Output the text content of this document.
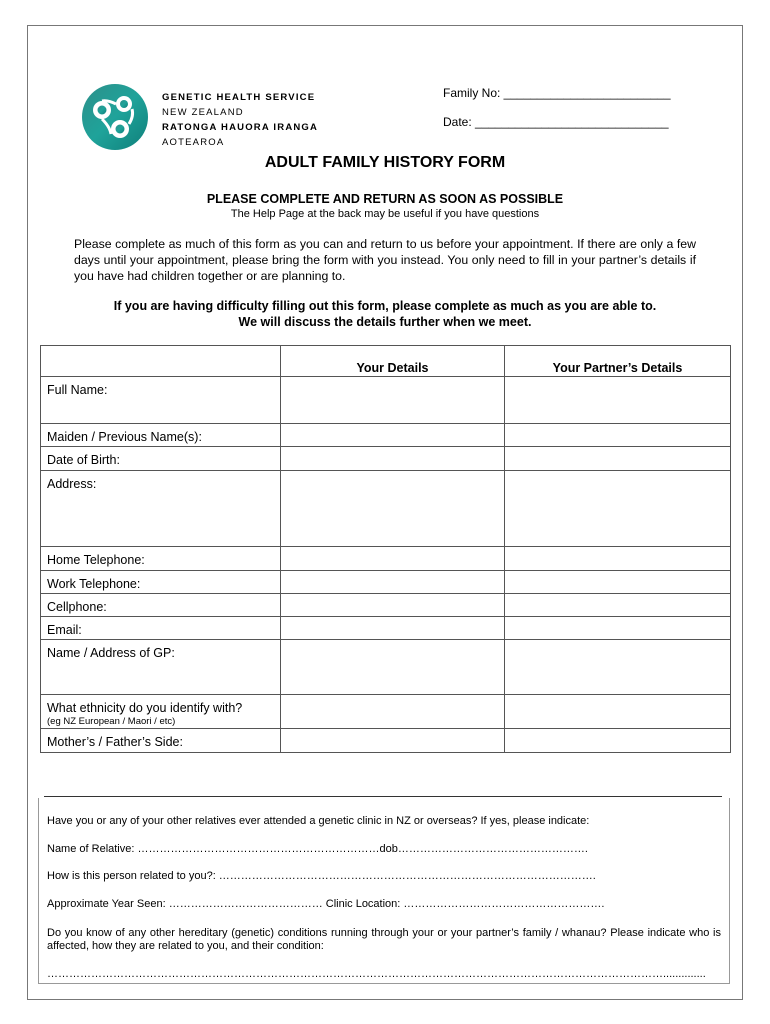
GENETIC HEALTH SERVICE
NEW ZEALAND
RATONGA HAUORA IRANGA
AOTEAROA
Family No: _________________________
Date: _____________________________
ADULT FAMILY HISTORY FORM
PLEASE COMPLETE AND RETURN AS SOON AS POSSIBLE
The Help Page at the back may be useful if you have questions
Please complete as much of this form as you can and return to us before your appointment. If there are only a few days until your appointment, please bring the form with you instead. You only need to fill in your partner’s details if you have had children together or are planning to.
If you are having difficulty filling out this form, please complete as much as you are able to.
We will discuss the details further when we meet.
	Your Details	Your Partner’s Details
Full Name:		
Maiden / Previous Name(s):		
Date of Birth:		
Address:		
Home Telephone:		
Work Telephone:		
Cellphone:		
Email:		
Name / Address of GP:		
What ethnicity do you identify with?
(eg NZ European / Maori / etc)		

Mother’s / Father’s Side:		
Have you or any of your other relatives ever attended a genetic clinic in NZ or overseas? If yes, please indicate:
Name of Relative: …………………………………………………………dob…………………………………………….
How is this person related to you?: ………………………………………………………………………………………….
Approximate Year Seen: …………………………………… Clinic Location: ……………………………………………….
Do you know of any other hereditary (genetic) conditions running through your or your partner’s family / whanau? Please indicate who is affected, how they are related to you, and their condition:
……………………………………………………………………………………………………………………………………………………..............
